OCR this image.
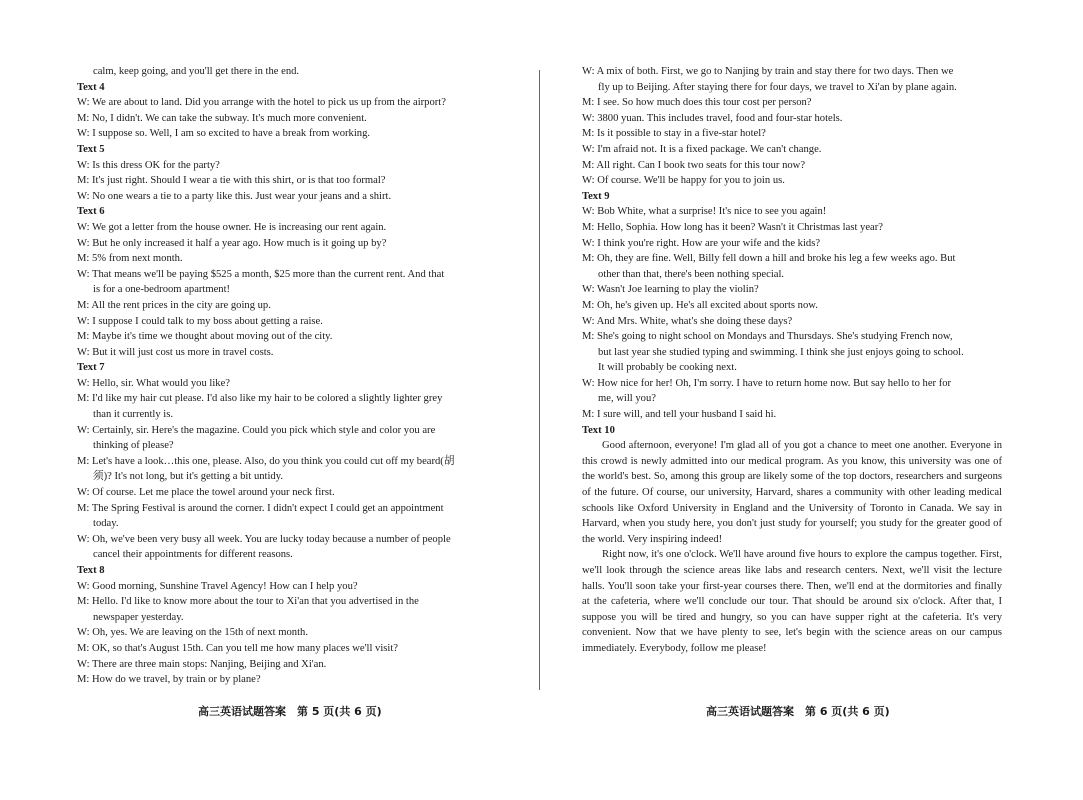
calm, keep going, and you'll get there in the end.
Text 4
W: We are about to land. Did you arrange with the hotel to pick us up from the airport?
M: No, I didn't. We can take the subway. It's much more convenient.
W: I suppose so. Well, I am so excited to have a break from working.
Text 5
W: Is this dress OK for the party?
M: It's just right. Should I wear a tie with this shirt, or is that too formal?
W: No one wears a tie to a party like this. Just wear your jeans and a shirt.
Text 6
W: We got a letter from the house owner. He is increasing our rent again.
W: But he only increased it half a year ago. How much is it going up by?
M: 5% from next month.
W: That means we'll be paying $525 a month, $25 more than the current rent. And that
is for a one-bedroom apartment!
M: All the rent prices in the city are going up.
W: I suppose I could talk to my boss about getting a raise.
M: Maybe it's time we thought about moving out of the city.
W: But it will just cost us more in travel costs.
Text 7
W: Hello, sir. What would you like?
M: I'd like my hair cut please. I'd also like my hair to be colored a slightly lighter grey
than it currently is.
W: Certainly, sir. Here's the magazine. Could you pick which style and color you are
thinking of please?
M: Let's have a look…this one, please. Also, do you think you could cut off my beard(胡
须)? It's not long, but it's getting a bit untidy.
W: Of course. Let me place the towel around your neck first.
M: The Spring Festival is around the corner. I didn't expect I could get an appointment
today.
W: Oh, we've been very busy all week. You are lucky today because a number of people
cancel their appointments for different reasons.
Text 8
W: Good morning, Sunshine Travel Agency! How can I help you?
M: Hello. I'd like to know more about the tour to Xi'an that you advertised in the
newspaper yesterday.
W: Oh, yes. We are leaving on the 15th of next month.
M: OK, so that's August 15th. Can you tell me how many places we'll visit?
W: There are three main stops: Nanjing, Beijing and Xi'an.
M: How do we travel, by train or by plane?
W: A mix of both. First, we go to Nanjing by train and stay there for two days. Then we
fly up to Beijing. After staying there for four days, we travel to Xi'an by plane again.
M: I see. So how much does this tour cost per person?
W: 3800 yuan. This includes travel, food and four-star hotels.
M: Is it possible to stay in a five-star hotel?
W: I'm afraid not. It is a fixed package. We can't change.
M: All right. Can I book two seats for this tour now?
W: Of course. We'll be happy for you to join us.
Text 9
W: Bob White, what a surprise! It's nice to see you again!
M: Hello, Sophia. How long has it been? Wasn't it Christmas last year?
W: I think you're right. How are your wife and the kids?
M: Oh, they are fine. Well, Billy fell down a hill and broke his leg a few weeks ago. But
other than that, there's been nothing special.
W: Wasn't Joe learning to play the violin?
M: Oh, he's given up. He's all excited about sports now.
W: And Mrs. White, what's she doing these days?
M: She's going to night school on Mondays and Thursdays. She's studying French now,
but last year she studied typing and swimming. I think she just enjoys going to school.
It will probably be cooking next.
W: How nice for her! Oh, I'm sorry. I have to return home now. But say hello to her for
me, will you?
M: I sure will, and tell your husband I said hi.
Text 10
Good afternoon, everyone! I'm glad all of you got a chance to meet one another. Everyone in this crowd is newly admitted into our medical program. As you know, this university was one of the world's best. So, among this group are likely some of the top doctors, researchers and surgeons of the future. Of course, our university, Harvard, shares a community with other leading medical schools like Oxford University in England and the University of Toronto in Canada. We say in Harvard, when you study here, you don't just study for yourself; you study for the greater good of the world. Very inspiring indeed!
Right now, it's one o'clock. We'll have around five hours to explore the campus together. First, we'll look through the science areas like labs and research centers. Next, we'll visit the lecture halls. You'll soon take your first-year courses there. Then, we'll end at the dormitories and finally at the cafeteria, where we'll conclude our tour. That should be around six o'clock. After that, I suppose you will be tired and hungry, so you can have supper right at the cafeteria. It's very convenient. Now that we have plenty to see, let's begin with the science areas on our campus immediately. Everybody, follow me please!
高三英语试题答案　第 5 页(共 6 页)	高三英语试题答案　第 6 页(共 6 页)
